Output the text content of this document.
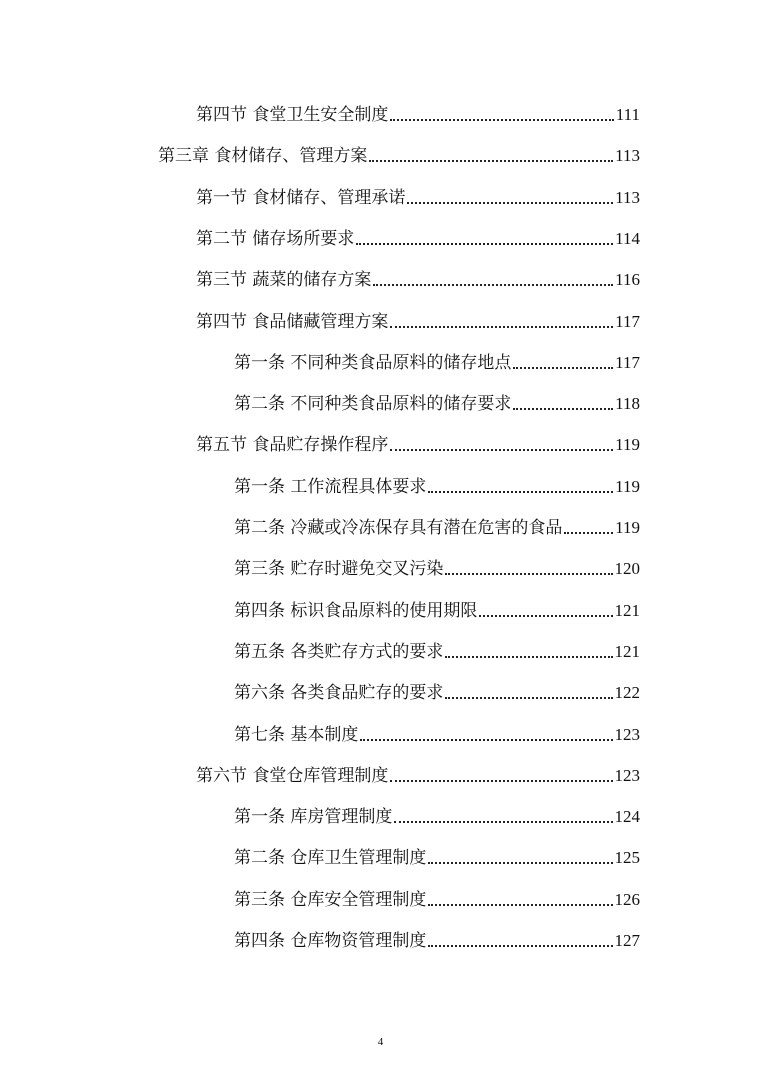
第四节 食堂卫生安全制度	111
第三章 食材储存、管理方案	113
第一节 食材储存、管理承诺	113
第二节 储存场所要求	114
第三节 蔬菜的储存方案	116
第四节 食品储藏管理方案	117
第一条 不同种类食品原料的储存地点	117
第二条 不同种类食品原料的储存要求	118
第五节 食品贮存操作程序	119
第一条 工作流程具体要求	119
第二条 冷藏或冷冻保存具有潜在危害的食品	119
第三条 贮存时避免交叉污染	120
第四条 标识食品原料的使用期限	121
第五条 各类贮存方式的要求	121
第六条 各类食品贮存的要求	122
第七条 基本制度	123
第六节 食堂仓库管理制度	123
第一条 库房管理制度	124
第二条 仓库卫生管理制度	125
第三条 仓库安全管理制度	126
第四条 仓库物资管理制度	127
4
